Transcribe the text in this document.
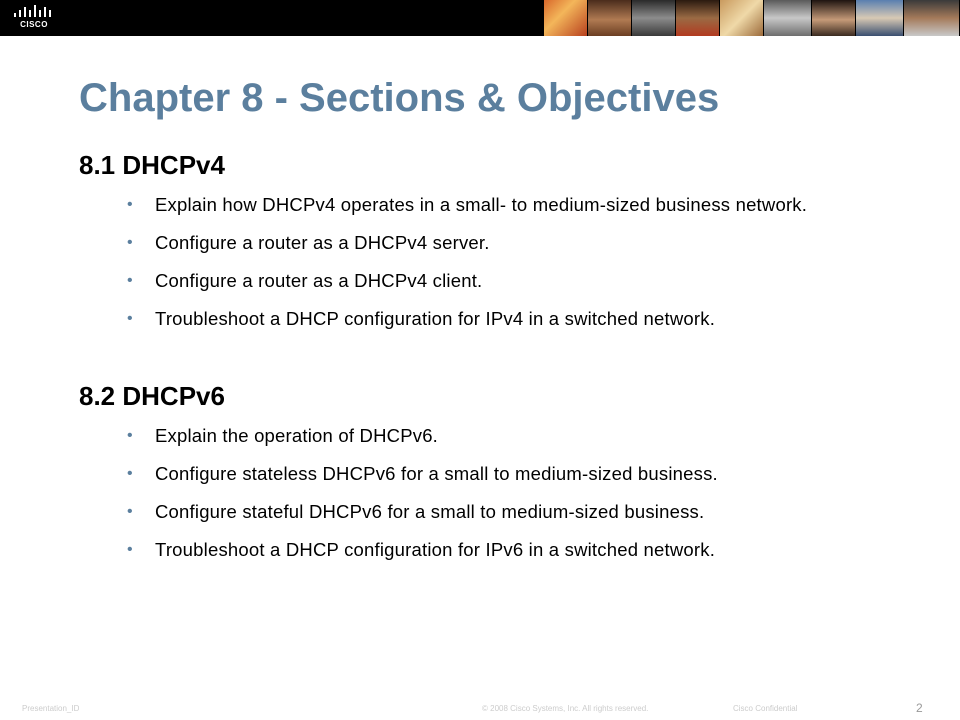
CISCO
Chapter 8 - Sections & Objectives
8.1 DHCPv4
• Explain how DHCPv4 operates in a small- to medium-sized business network.
• Configure a router as a DHCPv4 server.
• Configure a router as a DHCPv4 client.
• Troubleshoot a DHCP configuration for IPv4 in a switched network.
8.2 DHCPv6
• Explain the operation of DHCPv6.
• Configure stateless DHCPv6 for a small to medium-sized business.
• Configure stateful DHCPv6 for a small to medium-sized business.
• Troubleshoot a DHCP configuration for IPv6 in a switched network.
Presentation_ID	© 2008 Cisco Systems, Inc. All rights reserved.	Cisco Confidential	2
